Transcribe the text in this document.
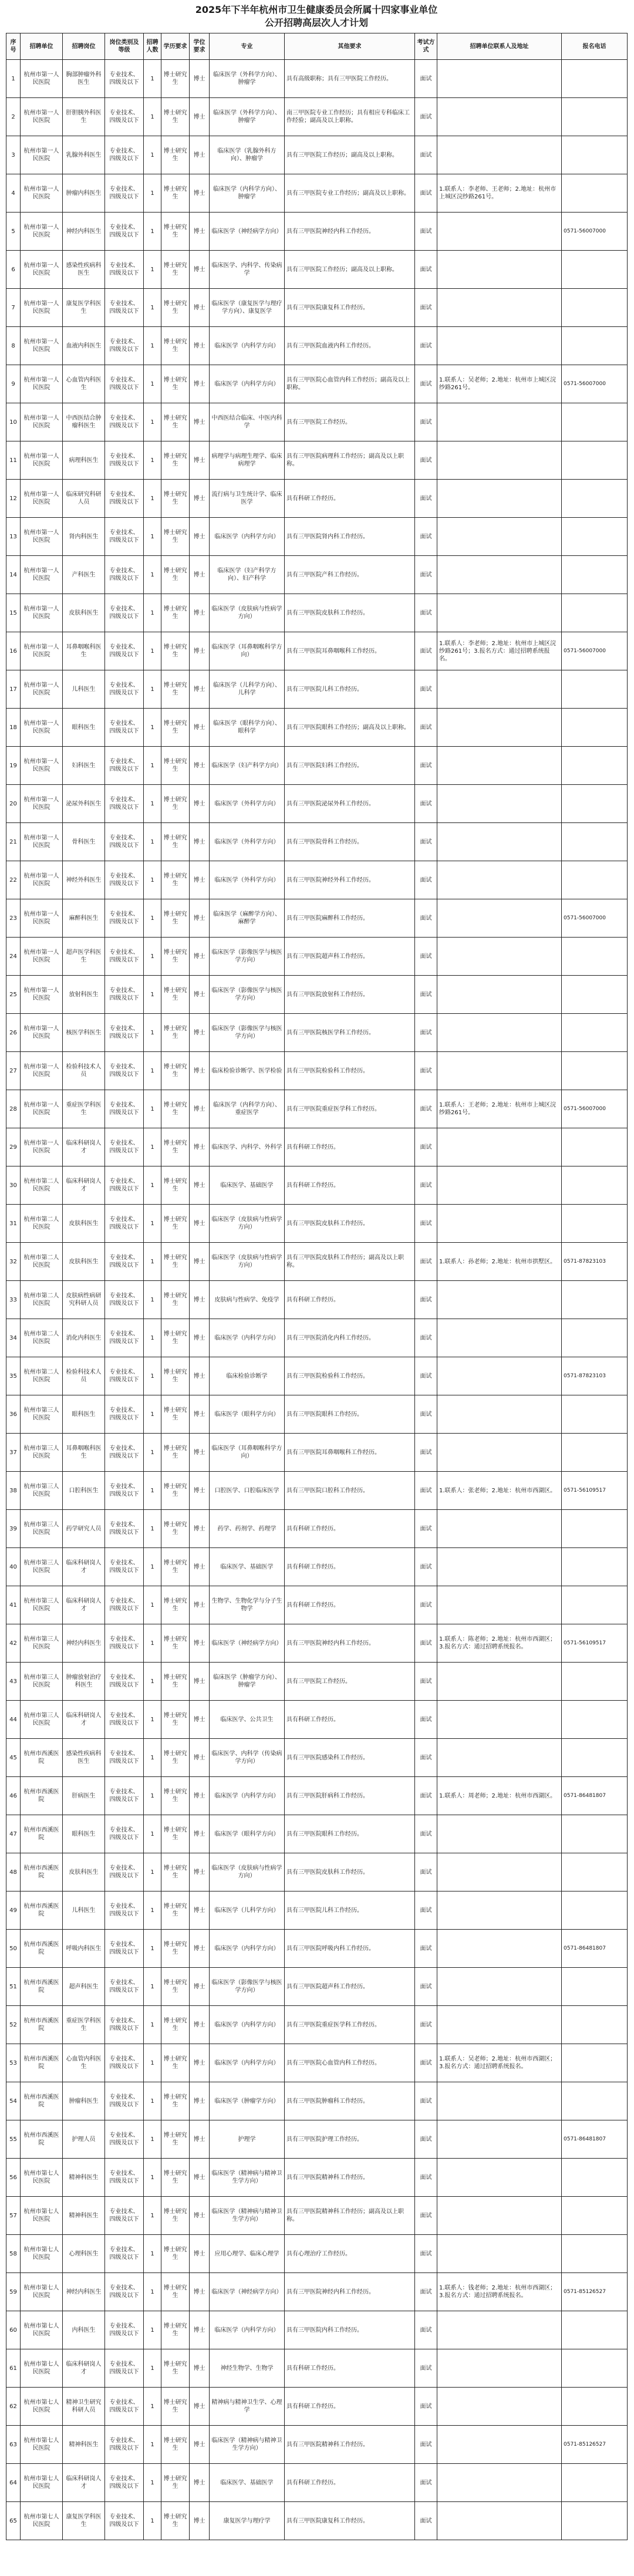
2025年下半年杭州市卫生健康委员会所属十四家事业单位
公开招聘高层次人才计划
序号	招聘单位	招聘岗位	岗位类别及等级	招聘人数	学历要求	学位要求	专业	其他要求	考试方式	招聘单位联系人及地址	报名电话
1	杭州市第一人民医院	胸部肿瘤外科医生	专业技术、四级及以下	1	博士研究生	博士	临床医学（外科学方向）、肿瘤学	具有高级职称；具有三甲医院工作经历。	面试		
2	杭州市第一人民医院	肝胆胰外科医生	专业技术、四级及以下	1	博士研究生	博士	临床医学（外科学方向）、肿瘤学	南三甲医院专业工作经历；具有相应专科临床工作经验；副高及以上职称。	面试		
3	杭州市第一人民医院	乳腺外科医生	专业技术、四级及以下	1	博士研究生	博士	临床医学（乳腺外科方向）、肿瘤学	具有三甲医院工作经历；副高及以上职称。	面试		
4	杭州市第一人民医院	肿瘤内科医生	专业技术、四级及以下	1	博士研究生	博士	临床医学（内科学方向）、肿瘤学	具有三甲医院专业工作经历；副高及以上职称。	面试	1.联系人：李老师、王老师；2.地址：杭州市上城区浣纱路261号。	
5	杭州市第一人民医院	神经内科医生	专业技术、四级及以下	1	博士研究生	博士	临床医学（神经病学方向）	具有三甲医院神经内科工作经历。	面试		0571-56007000
6	杭州市第一人民医院	感染性疾病科医生	专业技术、四级及以下	1	博士研究生	博士	临床医学、内科学、传染病学	具有三甲医院工作经历；副高及以上职称。	面试		
7	杭州市第一人民医院	康复医学科医生	专业技术、四级及以下	1	博士研究生	博士	临床医学（康复医学与理疗学方向）、康复医学	具有三甲医院康复科工作经历。	面试		
8	杭州市第一人民医院	血液内科医生	专业技术、四级及以下	1	博士研究生	博士	临床医学（内科学方向）	具有三甲医院血液内科工作经历。	面试		
9	杭州市第一人民医院	心血管内科医生	专业技术、四级及以下	1	博士研究生	博士	临床医学（内科学方向）	具有三甲医院心血管内科工作经历；副高及以上职称。	面试	1.联系人：吴老师；2.地址：杭州市上城区浣纱路261号。	0571-56007000
10	杭州市第一人民医院	中西医结合肿瘤科医生	专业技术、四级及以下	1	博士研究生	博士	中西医结合临床、中医内科学	具有三甲医院工作经历。	面试		
11	杭州市第一人民医院	病理科医生	专业技术、四级及以下	1	博士研究生	博士	病理学与病理生理学、临床病理学	具有三甲医院病理科工作经历；副高及以上职称。	面试		
12	杭州市第一人民医院	临床研究科研人员	专业技术、四级及以下	1	博士研究生	博士	流行病与卫生统计学、临床医学	具有科研工作经历。	面试		
13	杭州市第一人民医院	肾内科医生	专业技术、四级及以下	1	博士研究生	博士	临床医学（内科学方向）	具有三甲医院肾内科工作经历。	面试		
14	杭州市第一人民医院	产科医生	专业技术、四级及以下	1	博士研究生	博士	临床医学（妇产科学方向）、妇产科学	具有三甲医院产科工作经历。	面试		
15	杭州市第一人民医院	皮肤科医生	专业技术、四级及以下	1	博士研究生	博士	临床医学（皮肤病与性病学方向）	具有三甲医院皮肤科工作经历。	面试		
16	杭州市第一人民医院	耳鼻咽喉科医生	专业技术、四级及以下	1	博士研究生	博士	临床医学（耳鼻咽喉科学方向）	具有三甲医院耳鼻咽喉科工作经历。	面试	1.联系人：李老师；2.地址：杭州市上城区浣纱路261号；3.报名方式：通过招聘系统报名。	0571-56007000
17	杭州市第一人民医院	儿科医生	专业技术、四级及以下	1	博士研究生	博士	临床医学（儿科学方向）、儿科学	具有三甲医院儿科工作经历。	面试		
18	杭州市第一人民医院	眼科医生	专业技术、四级及以下	1	博士研究生	博士	临床医学（眼科学方向）、眼科学	具有三甲医院眼科工作经历；副高及以上职称。	面试		
19	杭州市第一人民医院	妇科医生	专业技术、四级及以下	1	博士研究生	博士	临床医学（妇产科学方向）	具有三甲医院妇科工作经历。	面试		
20	杭州市第一人民医院	泌尿外科医生	专业技术、四级及以下	1	博士研究生	博士	临床医学（外科学方向）	具有三甲医院泌尿外科工作经历。	面试		
21	杭州市第一人民医院	骨科医生	专业技术、四级及以下	1	博士研究生	博士	临床医学（外科学方向）	具有三甲医院骨科工作经历。	面试		
22	杭州市第一人民医院	神经外科医生	专业技术、四级及以下	1	博士研究生	博士	临床医学（外科学方向）	具有三甲医院神经外科工作经历。	面试		
23	杭州市第一人民医院	麻醉科医生	专业技术、四级及以下	1	博士研究生	博士	临床医学（麻醉学方向）、麻醉学	具有三甲医院麻醉科工作经历。	面试		0571-56007000
24	杭州市第一人民医院	超声医学科医生	专业技术、四级及以下	1	博士研究生	博士	临床医学（影像医学与核医学方向）	具有三甲医院超声科工作经历。	面试		
25	杭州市第一人民医院	放射科医生	专业技术、四级及以下	1	博士研究生	博士	临床医学（影像医学与核医学方向）	具有三甲医院放射科工作经历。	面试		
26	杭州市第一人民医院	核医学科医生	专业技术、四级及以下	1	博士研究生	博士	临床医学（影像医学与核医学方向）	具有三甲医院核医学科工作经历。	面试		
27	杭州市第一人民医院	检验科技术人员	专业技术、四级及以下	1	博士研究生	博士	临床检验诊断学、医学检验	具有三甲医院检验科工作经历。	面试		
28	杭州市第一人民医院	重症医学科医生	专业技术、四级及以下	1	博士研究生	博士	临床医学（内科学方向）、重症医学	具有三甲医院重症医学科工作经历。	面试	1.联系人：王老师；2.地址：杭州市上城区浣纱路261号。	0571-56007000
29	杭州市第一人民医院	临床科研岗人才	专业技术、四级及以下	1	博士研究生	博士	临床医学、内科学、外科学	具有科研工作经历。	面试		
30	杭州市第二人民医院	临床科研岗人才	专业技术、四级及以下	1	博士研究生	博士	临床医学、基础医学	具有科研工作经历。	面试		
31	杭州市第二人民医院	皮肤科医生	专业技术、四级及以下	1	博士研究生	博士	临床医学（皮肤病与性病学方向）	具有三甲医院皮肤科工作经历。	面试		
32	杭州市第二人民医院	皮肤科医生	专业技术、四级及以下	1	博士研究生	博士	临床医学（皮肤病与性病学方向）	具有三甲医院皮肤科工作经历；副高及以上职称。	面试	1.联系人：孙老师；2.地址：杭州市拱墅区。	0571-87823103
33	杭州市第二人民医院	皮肤病性病研究科研人员	专业技术、四级及以下	1	博士研究生	博士	皮肤病与性病学、免疫学	具有科研工作经历。	面试		
34	杭州市第二人民医院	消化内科医生	专业技术、四级及以下	1	博士研究生	博士	临床医学（内科学方向）	具有三甲医院消化内科工作经历。	面试		
35	杭州市第二人民医院	检验科技术人员	专业技术、四级及以下	1	博士研究生	博士	临床检验诊断学	具有三甲医院检验科工作经历。	面试		0571-87823103
36	杭州市第三人民医院	眼科医生	专业技术、四级及以下	1	博士研究生	博士	临床医学（眼科学方向）	具有三甲医院眼科工作经历。	面试		
37	杭州市第三人民医院	耳鼻咽喉科医生	专业技术、四级及以下	1	博士研究生	博士	临床医学（耳鼻咽喉科学方向）	具有三甲医院耳鼻咽喉科工作经历。	面试		
38	杭州市第三人民医院	口腔科医生	专业技术、四级及以下	1	博士研究生	博士	口腔医学、口腔临床医学	具有三甲医院口腔科工作经历。	面试	1.联系人：张老师；2.地址：杭州市西湖区。	0571-56109517
39	杭州市第三人民医院	药学研究人员	专业技术、四级及以下	1	博士研究生	博士	药学、药剂学、药理学	具有科研工作经历。	面试		
40	杭州市第三人民医院	临床科研岗人才	专业技术、四级及以下	1	博士研究生	博士	临床医学、基础医学	具有科研工作经历。	面试		
41	杭州市第三人民医院	临床科研岗人才	专业技术、四级及以下	1	博士研究生	博士	生物学、生物化学与分子生物学	具有科研工作经历。	面试		
42	杭州市第三人民医院	神经内科医生	专业技术、四级及以下	1	博士研究生	博士	临床医学（神经病学方向）	具有三甲医院神经内科工作经历。	面试	1.联系人：陈老师；2.地址：杭州市西湖区；3.报名方式：通过招聘系统报名。	0571-56109517
43	杭州市第三人民医院	肿瘤放射治疗科医生	专业技术、四级及以下	1	博士研究生	博士	临床医学（肿瘤学方向）、肿瘤学	具有三甲医院工作经历。	面试		
44	杭州市第三人民医院	临床科研岗人才	专业技术、四级及以下	1	博士研究生	博士	临床医学、公共卫生	具有科研工作经历。	面试		
45	杭州市西溪医院	感染性疾病科医生	专业技术、四级及以下	1	博士研究生	博士	临床医学、内科学（传染病学方向）	具有三甲医院感染科工作经历。	面试		
46	杭州市西溪医院	肝病医生	专业技术、四级及以下	1	博士研究生	博士	临床医学（内科学方向）	具有三甲医院肝病科工作经历。	面试	1.联系人：周老师；2.地址：杭州市西湖区。	0571-86481807
47	杭州市西溪医院	眼科医生	专业技术、四级及以下	1	博士研究生	博士	临床医学（眼科学方向）	具有三甲医院眼科工作经历。	面试		
48	杭州市西溪医院	皮肤科医生	专业技术、四级及以下	1	博士研究生	博士	临床医学（皮肤病与性病学方向）	具有三甲医院皮肤科工作经历。	面试		
49	杭州市西溪医院	儿科医生	专业技术、四级及以下	1	博士研究生	博士	临床医学（儿科学方向）	具有三甲医院儿科工作经历。	面试		
50	杭州市西溪医院	呼吸内科医生	专业技术、四级及以下	1	博士研究生	博士	临床医学（内科学方向）	具有三甲医院呼吸内科工作经历。	面试		0571-86481807
51	杭州市西溪医院	超声科医生	专业技术、四级及以下	1	博士研究生	博士	临床医学（影像医学与核医学方向）	具有三甲医院超声科工作经历。	面试		
52	杭州市西溪医院	重症医学科医生	专业技术、四级及以下	1	博士研究生	博士	临床医学（内科学方向）	具有三甲医院重症医学科工作经历。	面试		
53	杭州市西溪医院	心血管内科医生	专业技术、四级及以下	1	博士研究生	博士	临床医学（内科学方向）	具有三甲医院心血管内科工作经历。	面试	1.联系人：吴老师；2.地址：杭州市西湖区；3.报名方式：通过招聘系统报名。	
54	杭州市西溪医院	肿瘤科医生	专业技术、四级及以下	1	博士研究生	博士	临床医学（肿瘤学方向）	具有三甲医院肿瘤科工作经历。	面试		
55	杭州市西溪医院	护理人员	专业技术、四级及以下	1	博士研究生	博士	护理学	具有三甲医院护理工作经历。	面试		0571-86481807
56	杭州市第七人民医院	精神科医生	专业技术、四级及以下	1	博士研究生	博士	临床医学（精神病与精神卫生学方向）	具有三甲医院精神科工作经历。	面试		
57	杭州市第七人民医院	精神科医生	专业技术、四级及以下	1	博士研究生	博士	临床医学（精神病与精神卫生学方向）	具有三甲医院精神科工作经历；副高及以上职称。	面试		
58	杭州市第七人民医院	心理科医生	专业技术、四级及以下	1	博士研究生	博士	应用心理学、临床心理学	具有心理治疗工作经历。	面试		
59	杭州市第七人民医院	神经内科医生	专业技术、四级及以下	1	博士研究生	博士	临床医学（神经病学方向）	具有三甲医院神经内科工作经历。	面试	1.联系人：钱老师；2.地址：杭州市西湖区；3.报名方式：通过招聘系统报名。	0571-85126527
60	杭州市第七人民医院	内科医生	专业技术、四级及以下	1	博士研究生	博士	临床医学（内科学方向）	具有三甲医院内科工作经历。	面试		
61	杭州市第七人民医院	临床科研岗人才	专业技术、四级及以下	1	博士研究生	博士	神经生物学、生物学	具有科研工作经历。	面试		
62	杭州市第七人民医院	精神卫生研究科研人员	专业技术、四级及以下	1	博士研究生	博士	精神病与精神卫生学、心理学	具有科研工作经历。	面试		
63	杭州市第七人民医院	精神科医生	专业技术、四级及以下	1	博士研究生	博士	临床医学（精神病与精神卫生学方向）	具有三甲医院精神科工作经历。	面试		0571-85126527
64	杭州市第七人民医院	临床科研岗人才	专业技术、四级及以下	1	博士研究生	博士	临床医学、基础医学	具有科研工作经历。	面试		
65	杭州市第七人民医院	康复医学科医生	专业技术、四级及以下	1	博士研究生	博士	康复医学与理疗学	具有三甲医院康复科工作经历。	面试		
